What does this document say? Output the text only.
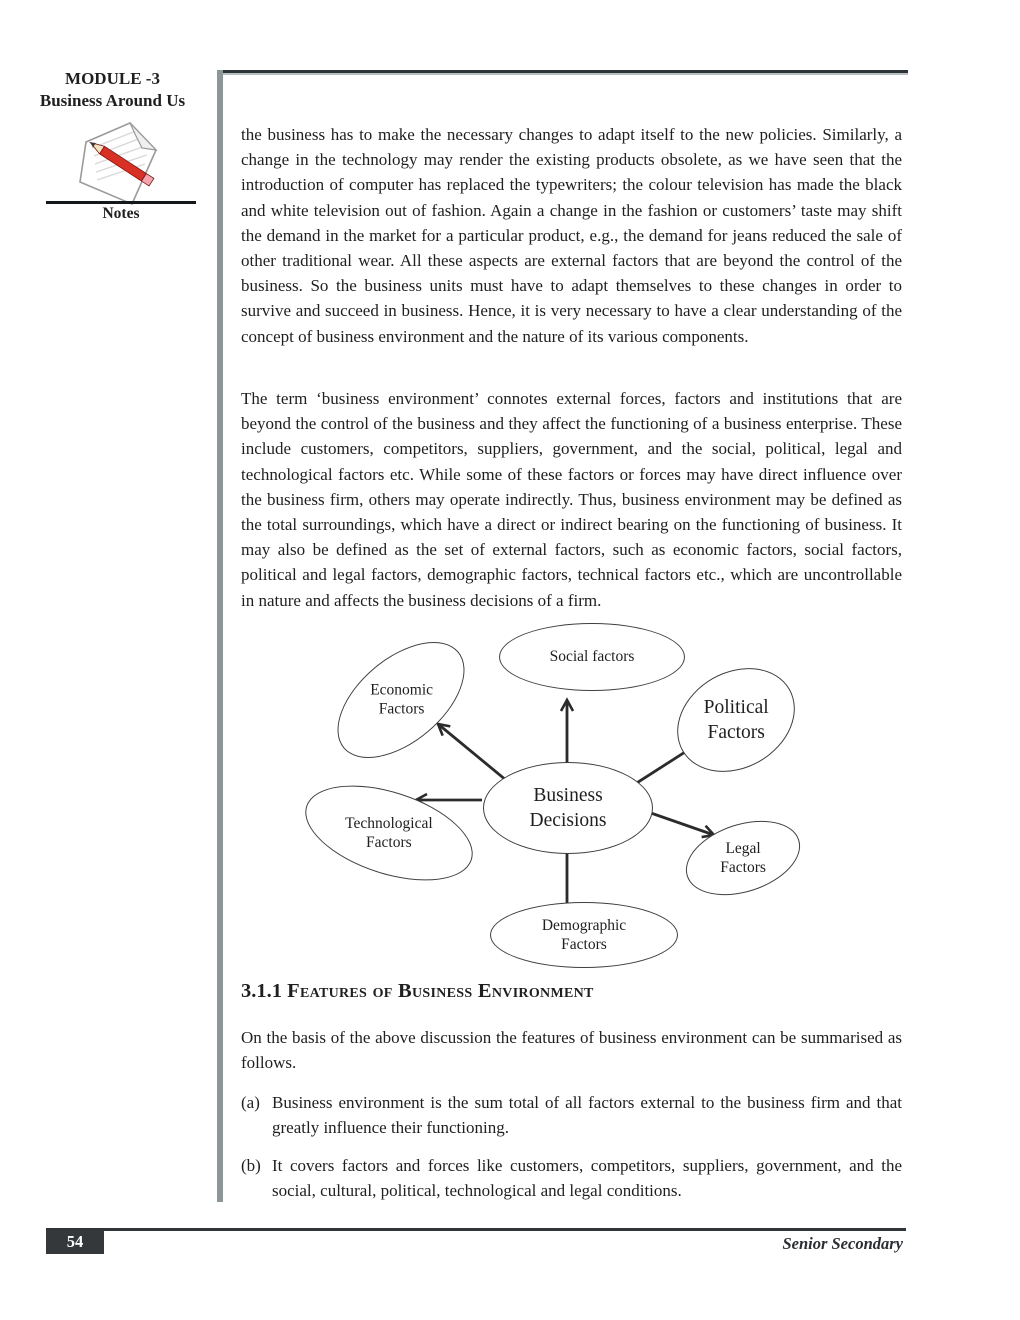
MODULE -3
Business Around Us
Notes
the business has to make the necessary changes to adapt itself to the new policies. Similarly, a change in the technology may render the existing products obsolete, as we have seen that the introduction of computer has replaced the typewriters; the colour television has made the black and white television out of fashion. Again a change in the fashion or customers’ taste may shift the demand in the market for a particular product, e.g., the demand for jeans reduced the sale of other traditional wear. All these aspects are external factors that are beyond the control of the business. So the business units must have to adapt themselves to these changes in order to survive and succeed in business. Hence, it is very necessary to have a clear understanding of the concept of business environment and the nature of its various components.
The term ‘business environment’ connotes external forces, factors and institutions that are beyond the control of the business and they affect the functioning of a business enterprise. These include customers, competitors, suppliers, government, and the social, political, legal and technological factors etc. While some of these factors or forces may have direct influence over the business firm, others may operate indirectly. Thus, business environment may be defined as the total surroundings, which have a direct or indirect bearing on the functioning of business. It may also be defined as the set of external factors, such as economic factors, social factors, political and legal factors, demographic factors, technical factors etc., which are uncontrollable in nature and affects the business decisions of a firm.
Economic Factors
Social factors
Political Factors
Technological Factors
Business Decisions
Legal Factors
Demographic Factors
3.1.1 Features of Business Environment
On the basis of the above discussion the features of business environment can be summarised as follows.
(a) Business environment is the sum total of all factors external to the business firm and that greatly influence their functioning.
(b) It covers factors and forces like customers, competitors, suppliers, government, and the social, cultural, political, technological and legal conditions.
54	Senior Secondary
